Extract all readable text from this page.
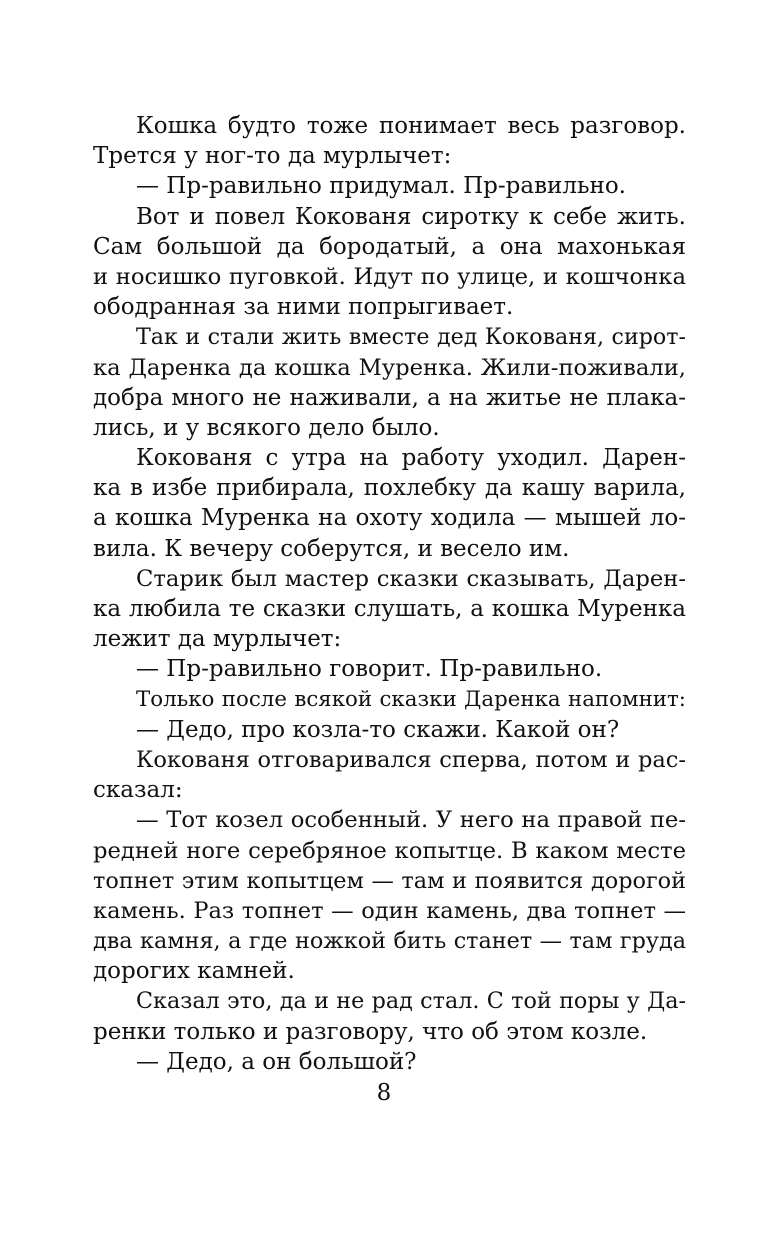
Кошка будто тоже понимает весь разговор.
Трется у ног-то да мурлычет:
— Пр-равильно придумал. Пр-равильно.
Вот и повел Кокованя сиротку к себе жить.
Сам большой да бородатый, а она махонькая
и носишко пуговкой. Идут по улице, и кошчонка
ободранная за ними попрыгивает.
Так и стали жить вместе дед Кокованя, сирот-
ка Даренка да кошка Муренка. Жили-поживали,
добра много не наживали, а на житье не плака-
лись, и у всякого дело было.
Кокованя с утра на работу уходил. Дарен-
ка в избе прибирала, похлебку да кашу варила,
а кошка Муренка на охоту ходила — мышей ло-
вила. К вечеру соберутся, и весело им.
Старик был мастер сказки сказывать, Дарен-
ка любила те сказки слушать, а кошка Муренка
лежит да мурлычет:
— Пр-равильно говорит. Пр-равильно.
Только после всякой сказки Даренка напомнит:
— Дедо, про козла-то скажи. Какой он?
Кокованя отговаривался сперва, потом и рас-
сказал:
— Тот козел особенный. У него на правой пе-
редней ноге серебряное копытце. В каком месте
топнет этим копытцем — там и появится дорогой
камень. Раз топнет — один камень, два топнет —
два камня, а где ножкой бить станет — там груда
дорогих камней.
Сказал это, да и не рад стал. С той поры у Да-
ренки только и разговору, что об этом козле.
— Дедо, а он большой?
8
